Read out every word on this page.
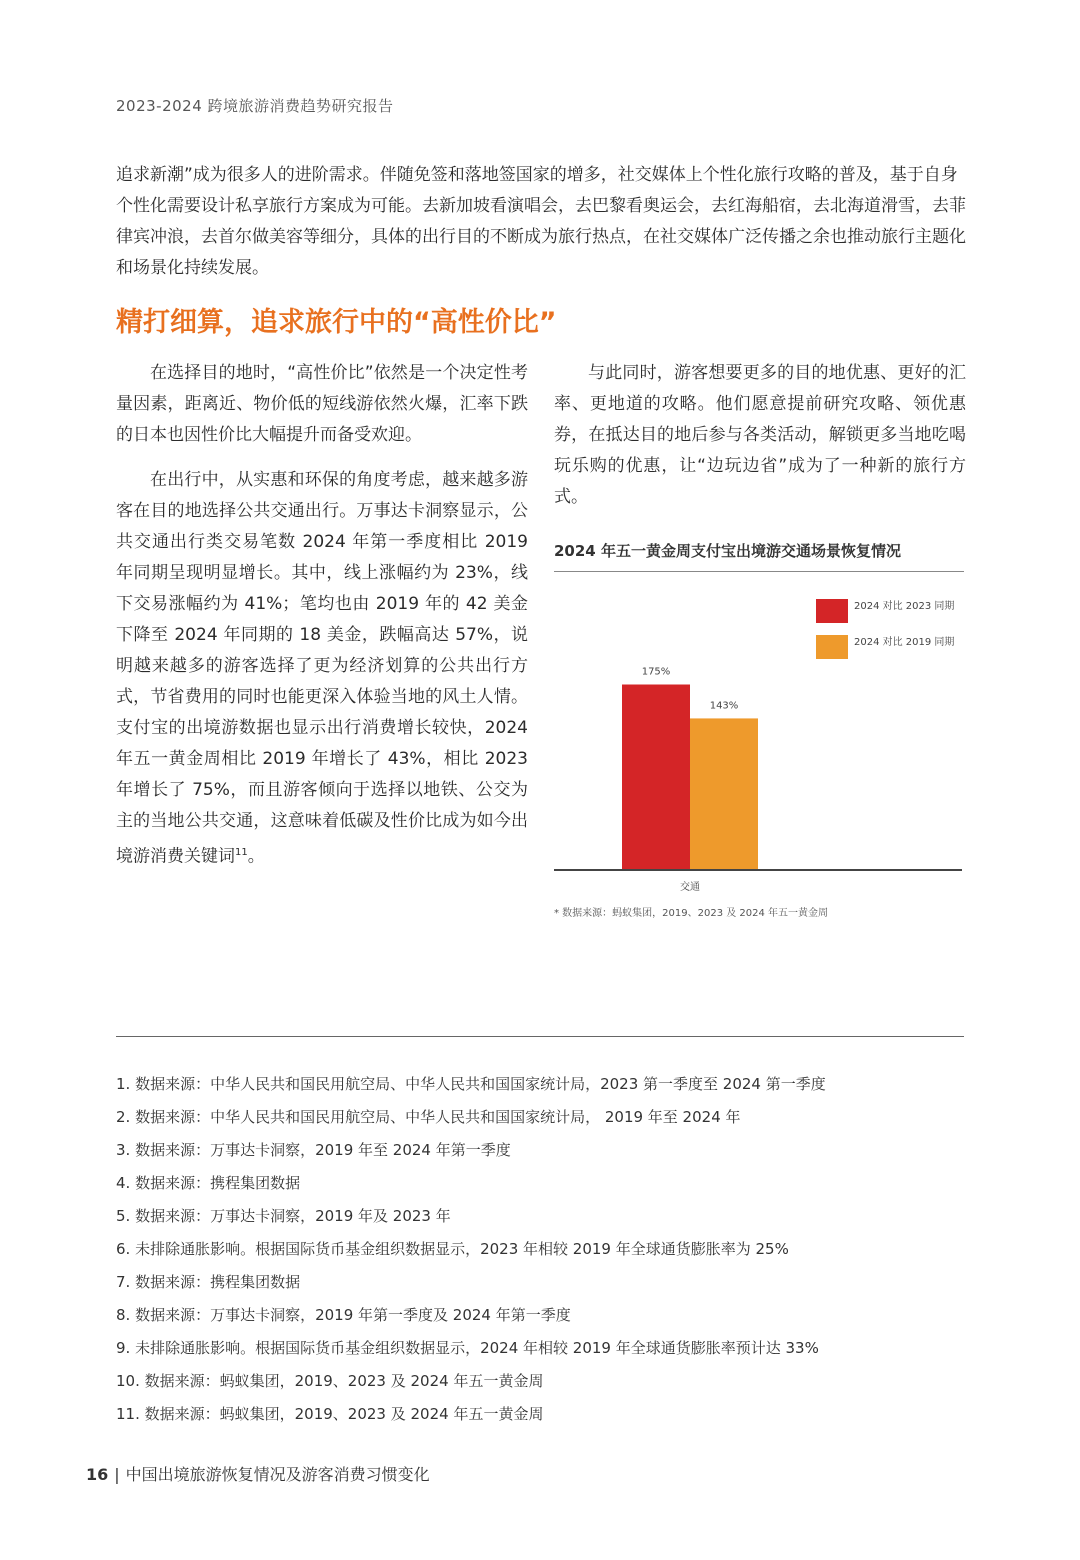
2023-2024 跨境旅游消费趋势研究报告

追求新潮”成为很多人的进阶需求。伴随免签和落地签国家的增多，社交媒体上个性化旅行攻略的普及，基于自身个性化需要设计私享旅行方案成为可能。去新加坡看演唱会，去巴黎看奥运会，去红海船宿，去北海道滑雪，去菲律宾冲浪，去首尔做美容等细分，具体的出行目的不断成为旅行热点，在社交媒体广泛传播之余也推动旅行主题化和场景化持续发展。

精打细算，追求旅行中的“高性价比”

在选择目的地时，“高性价比”依然是一个决定性考量因素，距离近、物价低的短线游依然火爆，汇率下跌的日本也因性价比大幅提升而备受欢迎。

在出行中，从实惠和环保的角度考虑，越来越多游客在目的地选择公共交通出行。万事达卡洞察显示，公共交通出行类交易笔数 2024 年第一季度相比 2019 年同期呈现明显增长。其中，线上涨幅约为 23%，线下交易涨幅约为 41%；笔均也由 2019 年的 42 美金下降至 2024 年同期的 18 美金，跌幅高达 57%，说明越来越多的游客选择了更为经济划算的公共出行方式，节省费用的同时也能更深入体验当地的风土人情。支付宝的出境游数据也显示出行消费增长较快，2024 年五一黄金周相比 2019 年增长了 43%，相比 2023 年增长了 75%，而且游客倾向于选择以地铁、公交为主的当地公共交通，这意味着低碳及性价比成为如今出境游消费关键词$^{11}$。

与此同时，游客想要更多的目的地优惠、更好的汇率、更地道的攻略。他们愿意提前研究攻略、领优惠券，在抵达目的地后参与各类活动，解锁更多当地吃喝玩乐购的优惠，让“边玩边省”成为了一种新的旅行方式。

2024 年五一黄金周支付宝出境游交通场景恢复情况
175%
143%
交通
2024 对比 2023 同期
2024 对比 2019 同期
* 数据来源：蚂蚁集团，2019、2023 及 2024 年五一黄金周
1. 数据来源：中华人民共和国民用航空局、中华人民共和国国家统计局，2023 第一季度至 2024 第一季度
2. 数据来源：中华人民共和国民用航空局、中华人民共和国国家统计局， 2019 年至 2024 年
3. 数据来源：万事达卡洞察，2019 年至 2024 年第一季度
4. 数据来源：携程集团数据
5. 数据来源：万事达卡洞察，2019 年及 2023 年
6. 未排除通胀影响。根据国际货币基金组织数据显示，2023 年相较 2019 年全球通货膨胀率为 25%
7. 数据来源：携程集团数据
8. 数据来源：万事达卡洞察，2019 年第一季度及 2024 年第一季度
9. 未排除通胀影响。根据国际货币基金组织数据显示，2024 年相较 2019 年全球通货膨胀率预计达 33%
10. 数据来源：蚂蚁集团，2019、2023 及 2024 年五一黄金周
11. 数据来源：蚂蚁集团，2019、2023 及 2024 年五一黄金周
16 | 中国出境旅游恢复情况及游客消费习惯变化
